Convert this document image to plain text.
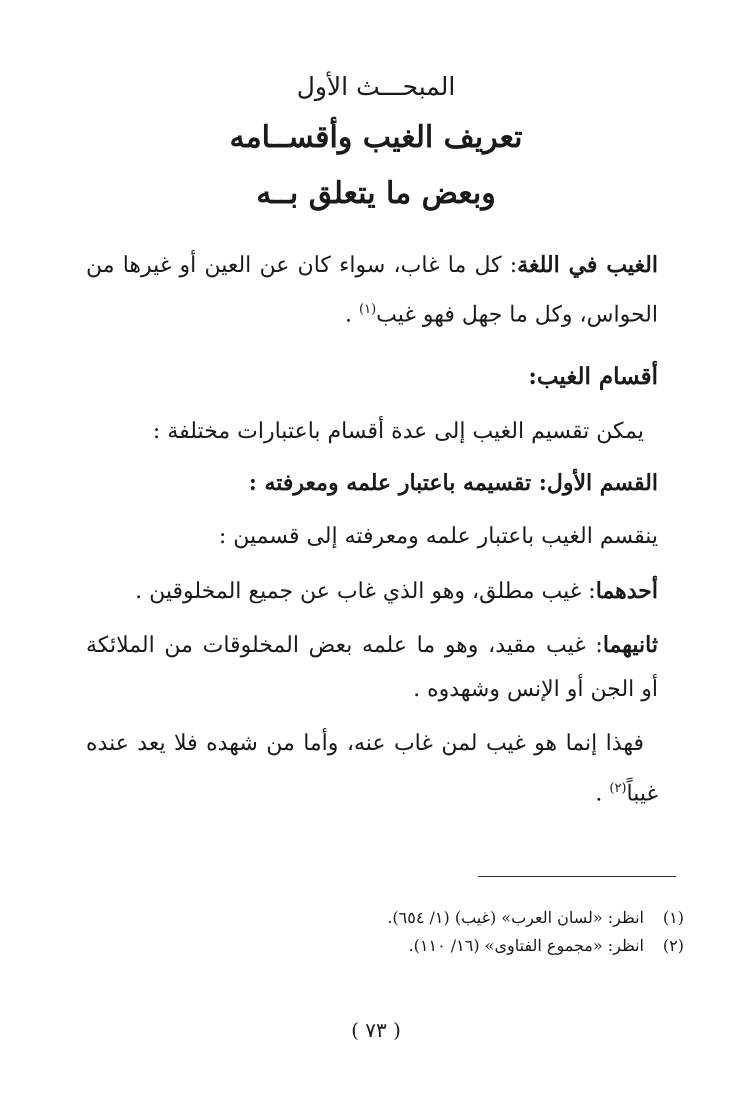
المبحـــث الأول
تعريف الغيب وأقســامه
وبعض ما يتعلق بــه
الغيب في اللغة: كل ما غاب، سواء كان عن العين أو غيرها من
الحواس، وكل ما جهل فهو غيب$^{(١)}$ .
أقسام الغيب:
يمكن تقسيم الغيب إلى عدة أقسام باعتبارات مختلفة :
القسم الأول: تقسيمه باعتبار علمه ومعرفته :
ينقسم الغيب باعتبار علمه ومعرفته إلى قسمين :
أحدهما: غيب مطلق، وهو الذي غاب عن جميع المخلوقين .
ثانيهما: غيب مقيد، وهو ما علمه بعض المخلوقات من الملائكة
أو الجن أو الإنس وشهدوه .
فهذا إنما هو غيب لمن غاب عنه، وأما من شهده فلا يعد عنده
غيباً$^{(٢)}$ .
(١)انظر: «لسان العرب» (غيب) (١/ ٦٥٤).
(٢)انظر: «مجموع الفتاوى» (١٦/ ١١٠).
( ٧٣ )
